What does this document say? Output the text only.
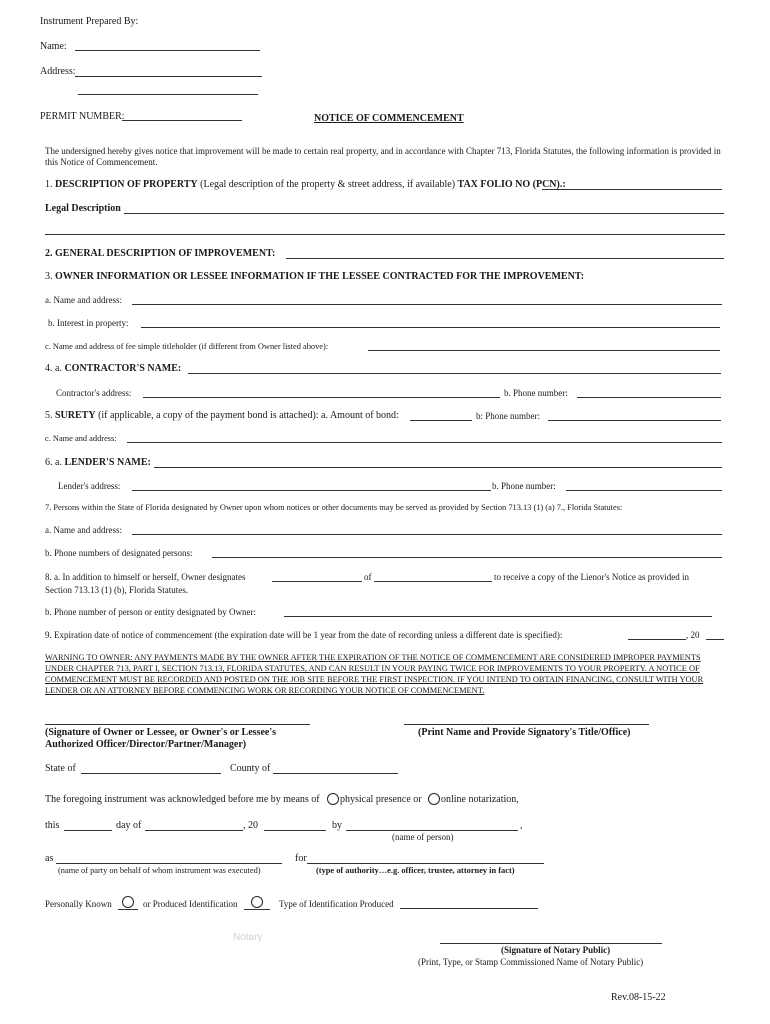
Instrument Prepared By:
Name:
Address:
PERMIT NUMBER:	NOTICE OF COMMENCEMENT
The undersigned hereby gives notice that improvement will be made to certain real property, and in accordance with Chapter 713, Florida Statutes, the following information is provided in this Notice of Commencement.
1. DESCRIPTION OF PROPERTY (Legal description of the property & street address, if available) TAX FOLIO NO (PCN).:
Legal Description
2. GENERAL DESCRIPTION OF IMPROVEMENT:
3. OWNER INFORMATION OR LESSEE INFORMATION IF THE LESSEE CONTRACTED FOR THE IMPROVEMENT:
a. Name and address:
b. Interest in property:
c. Name and address of fee simple titleholder (if different from Owner listed above):
4. a. CONTRACTOR'S NAME:
Contractor's address:	b. Phone number:
5. SURETY (if applicable, a copy of the payment bond is attached): a. Amount of bond:	b: Phone number:
c. Name and address:
6. a. LENDER'S NAME:
Lender's address:	b. Phone number:
7. Persons within the State of Florida designated by Owner upon whom notices or other documents may be served as provided by Section 713.13 (1) (a) 7., Florida Statutes:
a. Name and address:
b. Phone numbers of designated persons:
8. a. In addition to himself or herself, Owner designates	of	to receive a copy of the Lienor's Notice as provided in
Section 713.13 (1) (b), Florida Statutes.
b. Phone number of person or entity designated by Owner:
9. Expiration date of notice of commencement (the expiration date will be 1 year from the date of recording unless a different date is specified):	, 20
WARNING TO OWNER: ANY PAYMENTS MADE BY THE OWNER AFTER THE EXPIRATION OF THE NOTICE OF COMMENCEMENT ARE CONSIDERED IMPROPER PAYMENTS UNDER CHAPTER 713, PART I, SECTION 713.13, FLORIDA STATUTES, AND CAN RESULT IN YOUR PAYING TWICE FOR IMPROVEMENTS TO YOUR PROPERTY. A NOTICE OF COMMENCEMENT MUST BE RECORDED AND POSTED ON THE JOB SITE BEFORE THE FIRST INSPECTION. IF YOU INTEND TO OBTAIN FINANCING, CONSULT WITH YOUR LENDER OR AN ATTORNEY BEFORE COMMENCING WORK OR RECORDING YOUR NOTICE OF COMMENCEMENT.
(Signature of Owner or Lessee, or Owner's or Lessee's
Authorized Officer/Director/Partner/Manager)
(Print Name and Provide Signatory's Title/Office)
State of	County of
The foregoing instrument was acknowledged before me by means of physical presence or online notarization,
this	day of	, 20	by	,
(name of person)
as	for
(name of party on behalf of whom instrument was executed)	(type of authority…e.g. officer, trustee, attorney in fact)
Personally Known	or Produced Identification	Type of Identification Produced
Notary
(Signature of Notary Public)
(Print, Type, or Stamp Commissioned Name of Notary Public)
Rev.08-15-22
